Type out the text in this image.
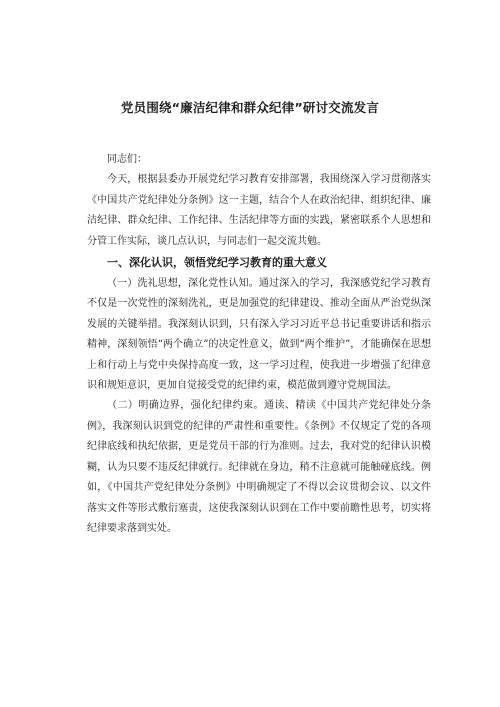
党员围绕“廉洁纪律和群众纪律”研讨交流发言

同志们：

今天，根据县委办开展党纪学习教育安排部署，我围绕深入学习贯彻落实《中国共产党纪律处分条例》这一主题，结合个人在政治纪律、组织纪律、廉洁纪律、群众纪律、工作纪律、生活纪律等方面的实践，紧密联系个人思想和分管工作实际，谈几点认识，与同志们一起交流共勉。

一、深化认识，领悟党纪学习教育的重大意义

（一）洗礼思想，深化党性认知。通过深入的学习，我深感党纪学习教育不仅是一次党性的深刻洗礼，更是加强党的纪律建设、推动全面从严治党纵深发展的关键举措。我深刻认识到，只有深入学习习近平总书记重要讲话和指示精神，深刻领悟“两个确立”的决定性意义，做到“两个维护”，才能确保在思想上和行动上与党中央保持高度一致，这一学习过程，使我进一步增强了纪律意识和规矩意识，更加自觉接受党的纪律约束，模范做到遵守党规国法。

（二）明确边界，强化纪律约束。通读、精读《中国共产党纪律处分条例》，我深刻认识到党的纪律的严肃性和重要性。《条例》不仅规定了党的各项纪律底线和执纪依据，更是党员干部的行为准则。过去，我对党的纪律认识模糊，认为只要不违反纪律就行。纪律就在身边，稍不注意就可能触碰底线。例如，《中国共产党纪律处分条例》中明确规定了不得以会议贯彻会议、以文件落实文件等形式敷衍塞责，这使我深刻认识到在工作中要前瞻性思考，切实将纪律要求落到实处。
